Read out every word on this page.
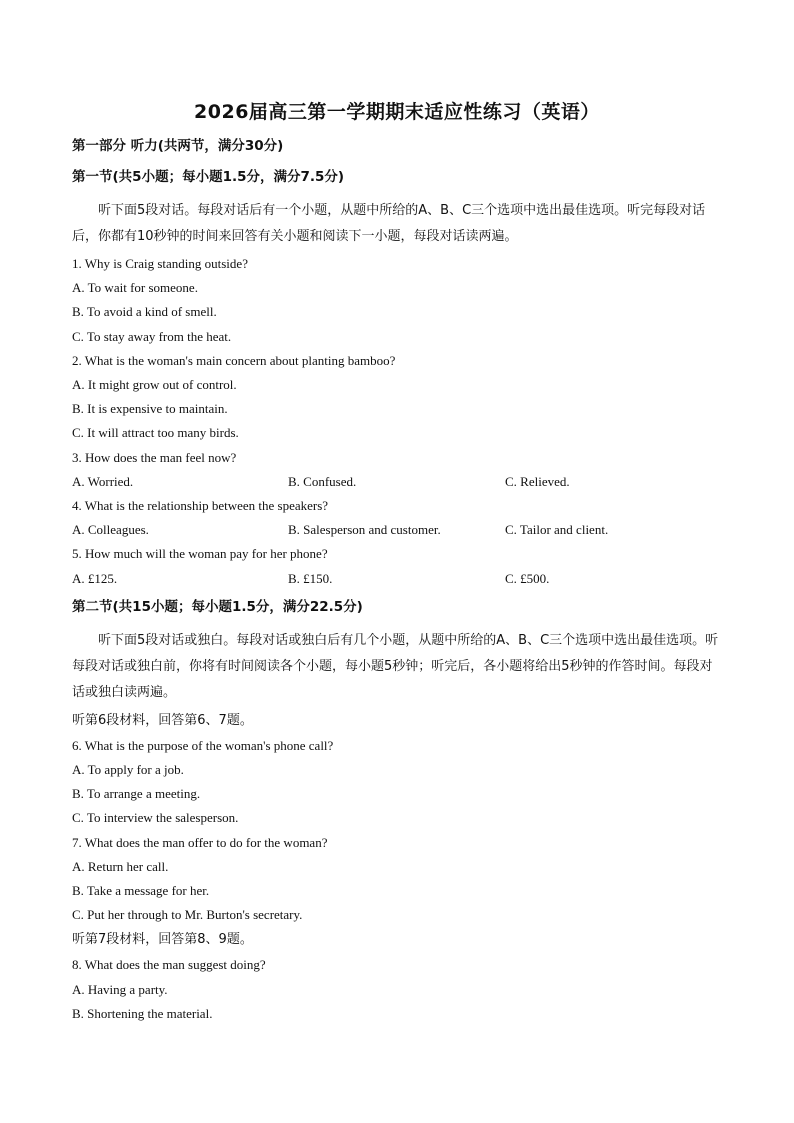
2026届高三第一学期期末适应性练习（英语）
第一部分 听力(共两节，满分30分)
第一节(共5小题；每小题1.5分，满分7.5分)
听下面5段对话。每段对话后有一个小题，从题中所给的A、B、C三个选项中选出最佳选项。听完每段对话后，你都有10秒钟的时间来回答有关小题和阅读下一小题，每段对话读两遍。
1. Why is Craig standing outside?
A. To wait for someone.
B. To avoid a kind of smell.
C. To stay away from the heat.
2. What is the woman's main concern about planting bamboo?
A. It might grow out of control.
B. It is expensive to maintain.
C. It will attract too many birds.
3. How does the man feel now?
A. Worried.	B. Confused.	C. Relieved.
4. What is the relationship between the speakers?
A. Colleagues.	B. Salesperson and customer.	C. Tailor and client.
5. How much will the woman pay for her phone?
A. £125.	B. £150.	C. £500.
第二节(共15小题；每小题1.5分，满分22.5分)
听下面5段对话或独白。每段对话或独白后有几个小题，从题中所给的A、B、C三个选项中选出最佳选项。听每段对话或独白前，你将有时间阅读各个小题，每小题5秒钟；听完后，各小题将给出5秒钟的作答时间。每段对话或独白读两遍。
听第6段材料，回答第6、7题。
6. What is the purpose of the woman's phone call?
A. To apply for a job.
B. To arrange a meeting.
C. To interview the salesperson.
7. What does the man offer to do for the woman?
A. Return her call.
B. Take a message for her.
C. Put her through to Mr. Burton's secretary.
听第7段材料，回答第8、9题。
8. What does the man suggest doing?
A. Having a party.
B. Shortening the material.
